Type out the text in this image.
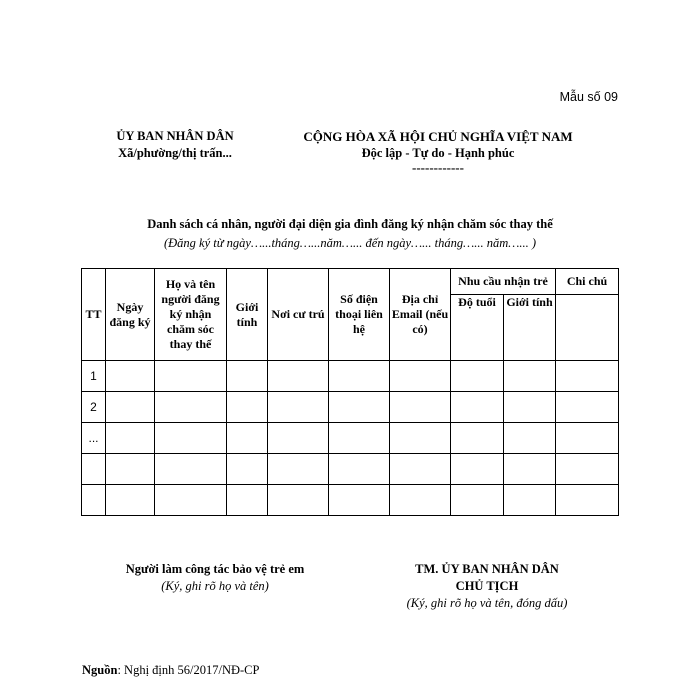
Mẫu số 09
ỦY BAN NHÂN DÂN
Xã/phường/thị trấn...
CỘNG HÒA XÃ HỘI CHỦ NGHĨA VIỆT NAM
Độc lập - Tự do - Hạnh phúc
------------
Danh sách cá nhân, người đại diện gia đình đăng ký nhận chăm sóc thay thế
(Đăng ký từ ngày…...tháng…...năm…... đến ngày…... tháng…... năm…... )
TT	Ngày đăng ký	Họ và tên người đăng ký nhận chăm sóc thay thế	Giới tính	Nơi cư trú	Số điện thoại liên hệ	Địa chỉ Email (nếu có)	Nhu cầu nhận trẻ		Chi chú
							Độ tuổi	Giới tính	
1									
2									
...									

Người làm công tác bảo vệ trẻ em
(Ký, ghi rõ họ và tên)
TM. ỦY BAN NHÂN DÂN
CHỦ TỊCH
(Ký, ghi rõ họ và tên, đóng dấu)
Nguồn: Nghị định 56/2017/NĐ-CP
